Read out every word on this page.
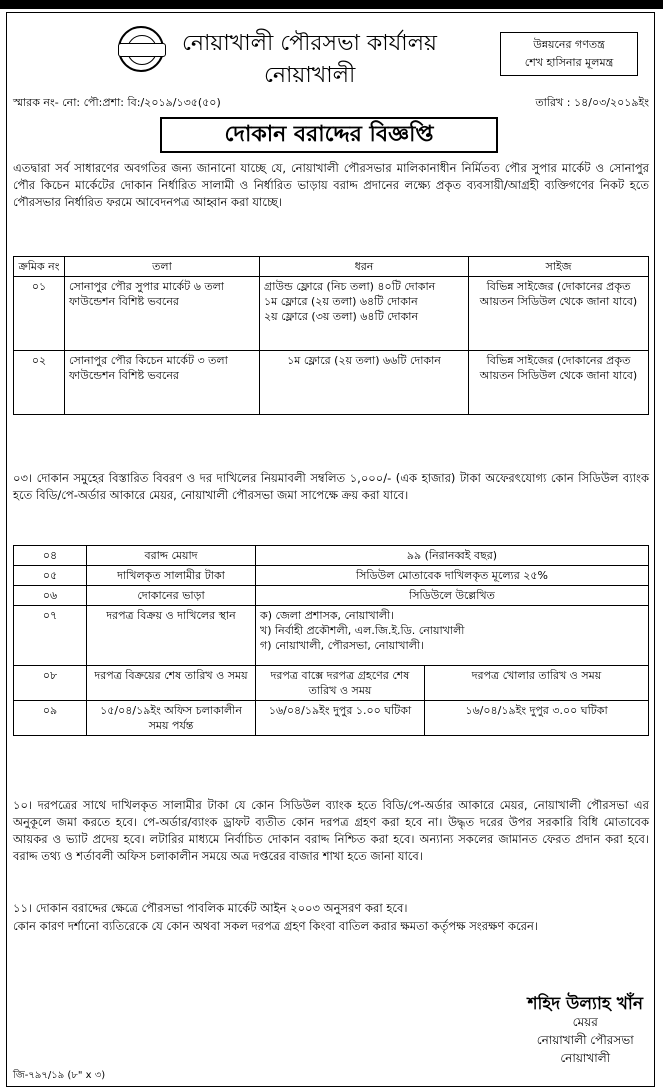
নোয়াখালী পৌরসভা কার্যালয়
নোয়াখালী
উন্নয়নের গণতন্ত্র
শেখ হাসিনার মূলমন্ত্র
স্মারক নং- নো: পৌ:প্রশা: বি:/২০১৯/১৩৫(৫০)	তারিখ : ১৪/০৩/২০১৯ইং
দোকান বরাদ্দের বিজ্ঞপ্তি
এতদ্বারা সর্ব সাধারণের অবগতির জন্য জানানো যাচ্ছে যে, নোয়াখালী পৌরসভার মালিকানাধীন নির্মিতব্য পৌর সুপার মার্কেট ও সোনাপুর পৌর কিচেন মার্কেটের দোকান নির্ধারিত সালামী ও নির্ধারিত ভাড়ায় বরাদ্দ প্রদানের লক্ষ্যে প্রকৃত ব্যবসায়ী/আগ্রহী ব্যক্তিগণের নিকট হতে পৌরসভার নির্ধারিত ফরমে আবেদনপত্র আহ্বান করা যাচ্ছে।
ক্রমিক নং	তলা	ধরন	সাইজ
০১	সোনাপুর পৌর সুপার মার্কেট ৬ তলা ফাউন্ডেশন বিশিষ্ট ভবনের	গ্রাউন্ড ফ্লোরে (নিচ তলা) ৪০টি দোকান
১ম ফ্লোরে (২য় তলা) ৬৪টি দোকান
২য় ফ্লোরে (৩য় তলা) ৬৪টি দোকান	বিভিন্ন সাইজের (দোকানের প্রকৃত আয়তন সিডিউল থেকে জানা যাবে)
০২	সোনাপুর পৌর কিচেন মার্কেট ৩ তলা ফাউন্ডেশন বিশিষ্ট ভবনের	১ম ফ্লোরে (২য় তলা) ৬৬টি দোকান	বিভিন্ন সাইজের (দোকানের প্রকৃত আয়তন সিডিউল থেকে জানা যাবে)
০৩। দোকান সমুহের বিস্তারিত বিবরণ ও দর দাখিলের নিয়মাবলী সম্বলিত ১,০০০/- (এক হাজার) টাকা অফেরৎযোগ্য কোন সিডিউল ব্যাংক হতে বিডি/পে-অর্ডার আকারে মেয়র, নোয়াখালী পৌরসভা জমা সাপেক্ষে ক্রয় করা যাবে।
০৪	বরাদ্দ মেয়াদ	৯৯ (নিরানব্বই বছর)	
০৫	দাখিলকৃত সালামীর টাকা	সিডিউল মোতাবেক দাখিলকৃত মূল্যের ২৫%	
০৬	দোকানের ভাড়া	সিডিউলে উল্লেখিত	
০৭	দরপত্র বিক্রয় ও দাখিলের স্থান	ক) জেলা প্রশাসক, নোয়াখালী।
খ) নির্বাহী প্রকৌশলী, এল.জি.ই.ডি. নোয়াখালী
গ) নোয়াখালী, পৌরসভা, নোয়াখালী।	

০৮	দরপত্র বিক্রয়ের শেষ তারিখ ও সময়	দরপত্র বাক্সে দরপত্র গ্রহণের শেষ তারিখ ও সময়	দরপত্র খোলার তারিখ ও সময়
০৯	১৫/০৪/১৯ইং অফিস চলাকালীন সময় পর্যন্ত	১৬/০৪/১৯ইং দুপুর ১.০০ ঘটিকা	১৬/০৪/১৯ইং দুপুর ৩.০০ ঘটিকা
১০। দরপত্রের সাথে দাখিলকৃত সালামীর টাকা যে কোন সিডিউল ব্যাংক হতে বিডি/পে-অর্ডার আকারে মেয়র, নোয়াখালী পৌরসভা এর অনুকূলে জমা করতে হবে। পে-অর্ডার/ব্যাংক ড্রাফট ব্যতীত কোন দরপত্র গ্রহণ করা হবে না। উদ্ধৃত দরের উপর সরকারি বিধি মোতাবেক আয়কর ও ভ্যাট প্রদেয় হবে। লটারির মাধ্যমে নির্বাচিত দোকান বরাদ্দ নিশ্চিত করা হবে। অন্যান্য সকলের জামানত ফেরত প্রদান করা হবে। বরাদ্দ তথ্য ও শর্তাবলী অফিস চলাকালীন সময়ে অত্র দপ্তরের বাজার শাখা হতে জানা যাবে।
১১। দোকান বরাদ্দের ক্ষেত্রে পৌরসভা পাবলিক মার্কেট আইন ২০০৩ অনুসরণ করা হবে।
কোন কারণ দর্শানো ব্যতিরেকে যে কোন অথবা সকল দরপত্র গ্রহণ কিংবা বাতিল করার ক্ষমতা কর্তৃপক্ষ সংরক্ষণ করেন।
শহিদ উল্যাহ খাঁন
মেয়র
নোয়াখালী পৌরসভা
নোয়াখালী
জি-৭৯৭/১৯ (৮" x ৩)
